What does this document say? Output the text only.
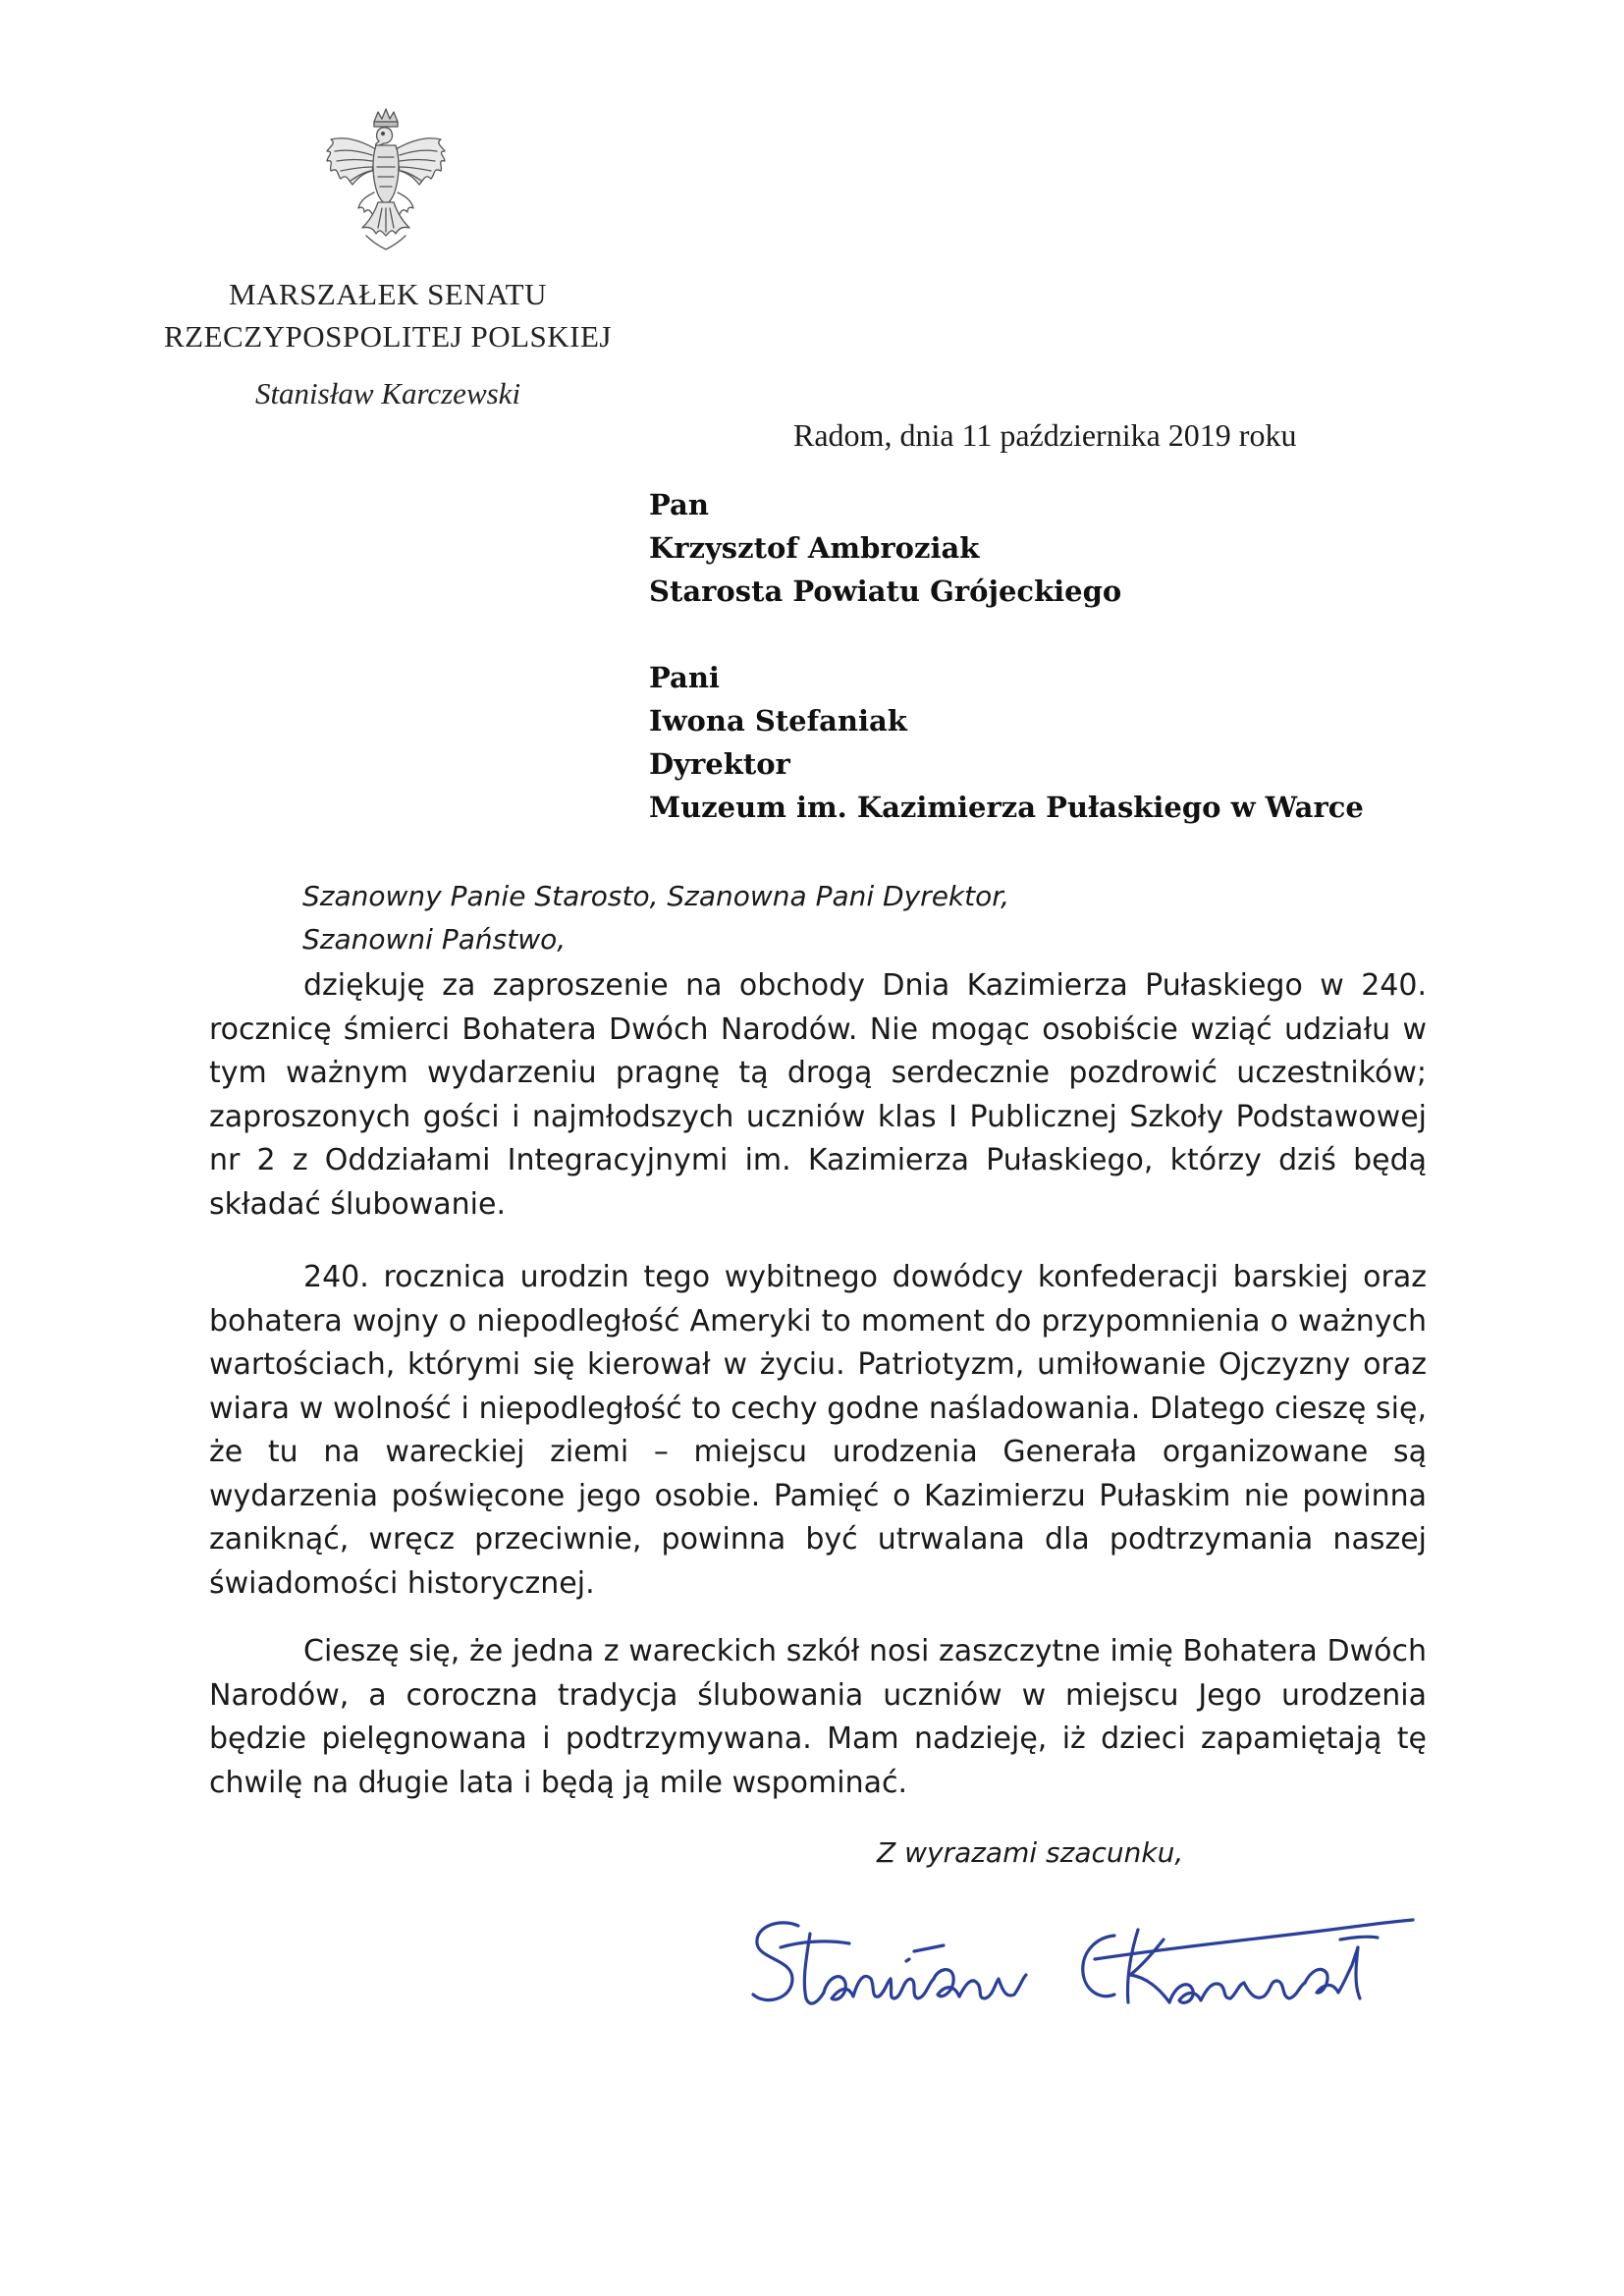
MARSZAŁEK SENATU
RZECZYPOSPOLITEJ POLSKIEJ
Stanisław Karczewski
Radom, dnia 11 października 2019 roku
Pan
Krzysztof Ambroziak
Starosta Powiatu Grójeckiego
Pani
Iwona Stefaniak
Dyrektor
Muzeum im. Kazimierza Pułaskiego w Warce
Szanowny Panie Starosto, Szanowna Pani Dyrektor,
Szanowni Państwo,

dziękuję za zaproszenie na obchody Dnia Kazimierza Pułaskiego w 240. rocznicę śmierci Bohatera Dwóch Narodów. Nie mogąc osobiście wziąć udziału w tym ważnym wydarzeniu pragnę tą drogą serdecznie pozdrowić uczestników; zaproszonych gości i najmłodszych uczniów klas I Publicznej Szkoły Podstawowej nr 2 z Oddziałami Integracyjnymi im. Kazimierza Pułaskiego, którzy dziś będą składać ślubowanie.

240. rocznica urodzin tego wybitnego dowódcy konfederacji barskiej oraz bohatera wojny o niepodległość Ameryki to moment do przypomnienia o ważnych wartościach, którymi się kierował w życiu. Patriotyzm, umiłowanie Ojczyzny oraz wiara w wolność i niepodległość to cechy godne naśladowania. Dlatego cieszę się, że tu na wareckiej ziemi – miejscu urodzenia Generała organizowane są wydarzenia poświęcone jego osobie. Pamięć o Kazimierzu Pułaskim nie powinna zaniknąć, wręcz przeciwnie, powinna być utrwalana dla podtrzymania naszej świadomości historycznej.

Cieszę się, że jedna z wareckich szkół nosi zaszczytne imię Bohatera Dwóch Narodów, a coroczna tradycja ślubowania uczniów w miejscu Jego urodzenia będzie pielęgnowana i podtrzymywana. Mam nadzieję, iż dzieci zapamiętają tę chwilę na długie lata i będą ją mile wspominać.

Z wyrazami szacunku,
